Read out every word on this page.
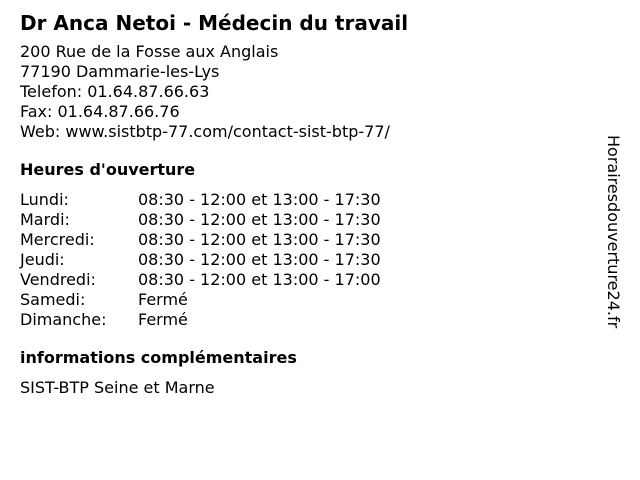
Dr Anca Netoi - Médecin du travail
200 Rue de la Fosse aux Anglais
77190 Dammarie-les-Lys
Telefon: 01.64.87.66.63
Fax: 01.64.87.66.76
Web: www.sistbtp-77.com/contact-sist-btp-77/
Heures d'ouverture
Lundi:	08:30 - 12:00 et 13:00 - 17:30
Mardi:	08:30 - 12:00 et 13:00 - 17:30
Mercredi:	08:30 - 12:00 et 13:00 - 17:30
Jeudi:	08:30 - 12:00 et 13:00 - 17:30
Vendredi:	08:30 - 12:00 et 13:00 - 17:00
Samedi:	Fermé
Dimanche:	Fermé
informations complémentaires
SIST-BTP Seine et Marne
Horairesdouverture24.fr
